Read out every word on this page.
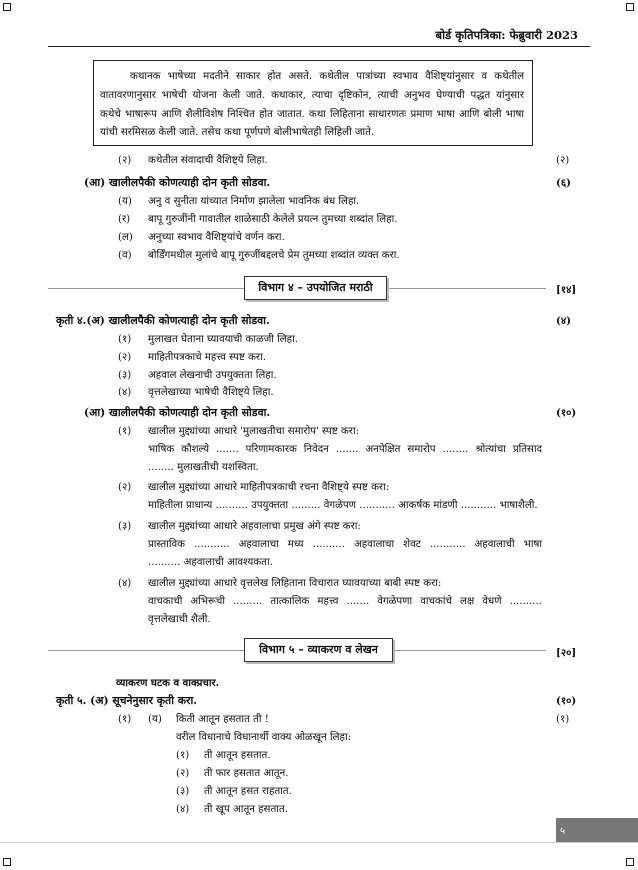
बोर्ड कृतिपत्रिका: फेब्रुवारी 2023
कथानक भाषेच्या मदतीने साकार होत असते. कथेतील पात्रांच्या स्वभाव वैशिष्ट्यांनुसार व कथेतील
वातावरणानुसार भाषेची योजना केली जाते. कथाकार, त्याचा दृष्टिकोन, त्याची अनुभव घेण्याची पद्धत यांनुसार
कथेचे भाषारूप आणि शैलीविशेष निश्चित होत जातात. कथा लिहिताना साधारणतः प्रमाण भाषा आणि बोली भाषा
यांची सरमिसळ केली जाते. तसेच कथा पूर्णपणे बोलीभाषेतही लिहिली जाते.
(२) कथेतील संवादाची वैशिष्ट्ये लिहा.	(२)
(आ) खालीलपैकी कोणत्याही दोन कृती सोडवा.	(६)
(य) अनु व सुनीता यांच्यात निर्माण झालेला भावनिक बंध लिहा.
(र) बापू गुरुजींनी गावातील शाळेसाठी केलेले प्रयत्न तुमच्या शब्दांत लिहा.
(ल) अनुच्या स्वभाव वैशिष्ट्यांचे वर्णन करा.
(व) बोर्डिंगमधील मुलांचे बापू गुरुजींबद्दलचे प्रेम तुमच्या शब्दांत व्यक्त करा.
विभाग ४ – उपयोजित मराठी	[१४]
कृती ४.(अ) खालीलपैकी कोणत्याही दोन कृती सोडवा.	(४)
(१) मुलाखत घेताना घ्यावयाची काळजी लिहा.
(२) माहितीपत्रकाचे महत्त्व स्पष्ट करा.
(३) अहवाल लेखनाची उपयुक्तता लिहा.
(४) वृत्तलेखाच्या भाषेची वैशिष्ट्ये लिहा.
(आ) खालीलपैकी कोणत्याही दोन कृती सोडवा.	(१०)
(१) खालील मुद्द्यांच्या आधारे 'मुलाखतीचा समारोप' स्पष्ट करा:
भाषिक कौशल्ये ....... परिणामकारक निवेदन ....... अनपेक्षित समारोप ........ श्रोत्यांचा प्रतिसाद
........ मुलाखतीची यशस्विता.
(२) खालील मुद्द्यांच्या आधारे माहितीपत्रकाची रचना वैशिष्ट्ये स्पष्ट करा:
माहितीला प्राधान्य .......... उपयुक्तता ......... वेगळेपण ........... आकर्षक मांडणी ........... भाषाशैली.
(३) खालील मुद्द्यांच्या आधारे अहवालाचा प्रमुख अंगे स्पष्ट करा:
प्रास्ताविक ........... अहवालाचा मध्य .......... अहवालाचा शेवट ........... अहवालाची भाषा
.......... अहवालाची आवश्यकता.
(४) खालील मुद्द्यांच्या आधारे वृत्तलेख लिहिताना विचारात घ्यावयाच्या बाबी स्पष्ट करा:
वाचकाची अभिरूची ......... तात्कालिक महत्त्व ....... वेगळेपणा वाचकांचे लक्ष वेधणे ..........
वृत्तलेखाची शैली.
विभाग ५ – व्याकरण व लेखन	[२०]
व्याकरण घटक व वाक्प्रचार.
कृती ५. (अ) सूचनेनुसार कृती करा.	(१०)
(१) (य) किती आतून हसतात ती !	(१)
वरील विधानाचे विधानार्थी वाक्य ओळखून लिहा:
(१) ती आतून हसतात.
(२) ती फार हसतात आतून.
(३) ती आतून हसत राहतात.
(४) ती खूप आतून हसतात.
५
